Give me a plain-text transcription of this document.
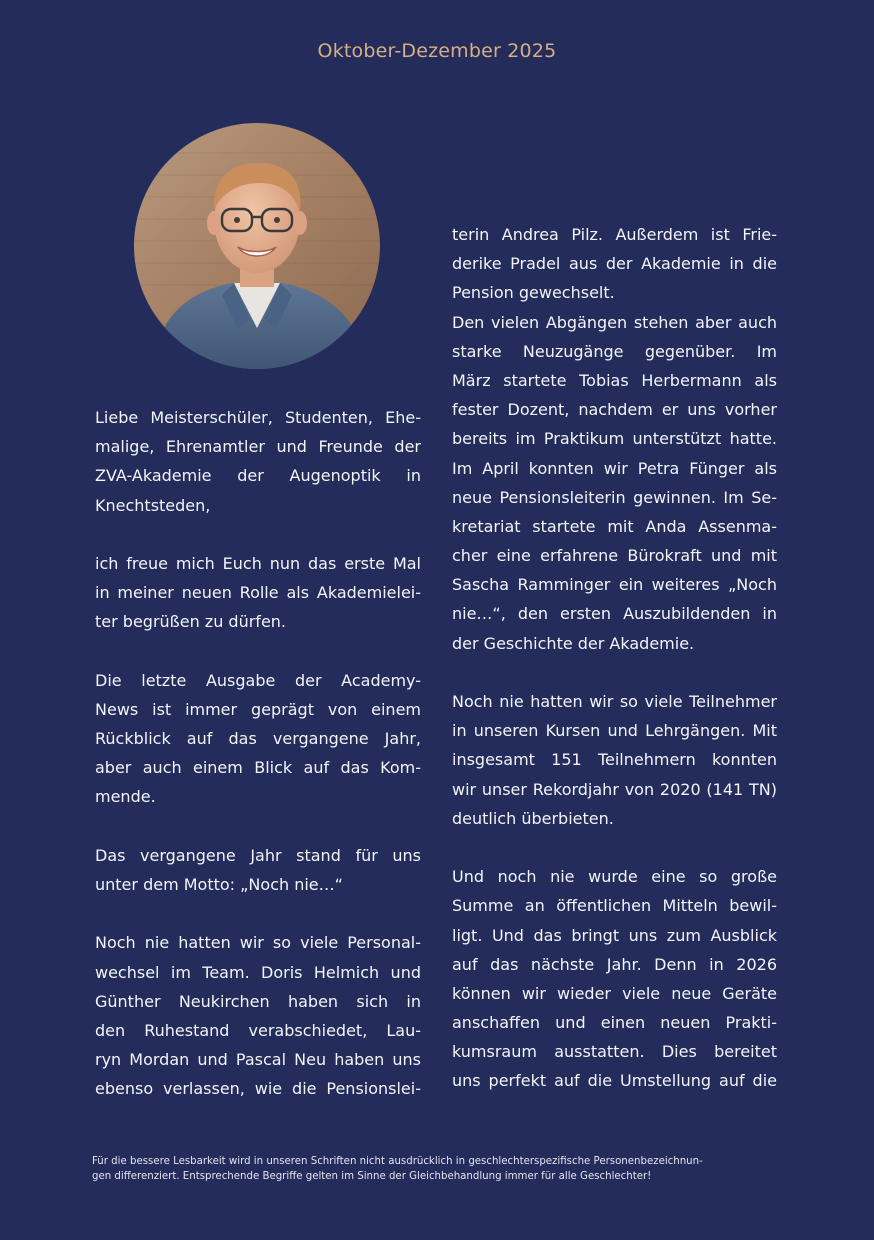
Oktober-Dezember 2025
Liebe Meisterschüler, Studenten, Ehe-
malige, Ehrenamtler und Freunde der
ZVA-Akademie der Augenoptik in
Knechtsteden,
ich freue mich Euch nun das erste Mal
in meiner neuen Rolle als Akademielei-
ter begrüßen zu dürfen.
Die letzte Ausgabe der Academy-
News ist immer geprägt von einem
Rückblick auf das vergangene Jahr,
aber auch einem Blick auf das Kom-
mende.
Das vergangene Jahr stand für uns
unter dem Motto: „Noch nie…“
Noch nie hatten wir so viele Personal-
wechsel im Team. Doris Helmich und
Günther Neukirchen haben sich in
den Ruhestand verabschiedet, Lau-
ryn Mordan und Pascal Neu haben uns
ebenso verlassen, wie die Pensionslei-
terin Andrea Pilz. Außerdem ist Frie-
derike Pradel aus der Akademie in die
Pension gewechselt.
Den vielen Abgängen stehen aber auch
starke Neuzugänge gegenüber. Im
März startete Tobias Herbermann als
fester Dozent, nachdem er uns vorher
bereits im Praktikum unterstützt hatte.
Im April konnten wir Petra Fünger als
neue Pensionsleiterin gewinnen. Im Se-
kretariat startete mit Anda Assenma-
cher eine erfahrene Bürokraft und mit
Sascha Ramminger ein weiteres „Noch
nie…“, den ersten Auszubildenden in
der Geschichte der Akademie.
Noch nie hatten wir so viele Teilnehmer
in unseren Kursen und Lehrgängen. Mit
insgesamt 151 Teilnehmern konnten
wir unser Rekordjahr von 2020 (141 TN)
deutlich überbieten.
Und noch nie wurde eine so große
Summe an öffentlichen Mitteln bewil-
ligt. Und das bringt uns zum Ausblick
auf das nächste Jahr. Denn in 2026
können wir wieder viele neue Geräte
anschaffen und einen neuen Prakti-
kumsraum ausstatten. Dies bereitet
uns perfekt auf die Umstellung auf die
Für die bessere Lesbarkeit wird in unseren Schriften nicht ausdrücklich in geschlechterspezifische Personenbezeichnun-
gen differenziert. Entsprechende Begriffe gelten im Sinne der Gleichbehandlung immer für alle Geschlechter!
